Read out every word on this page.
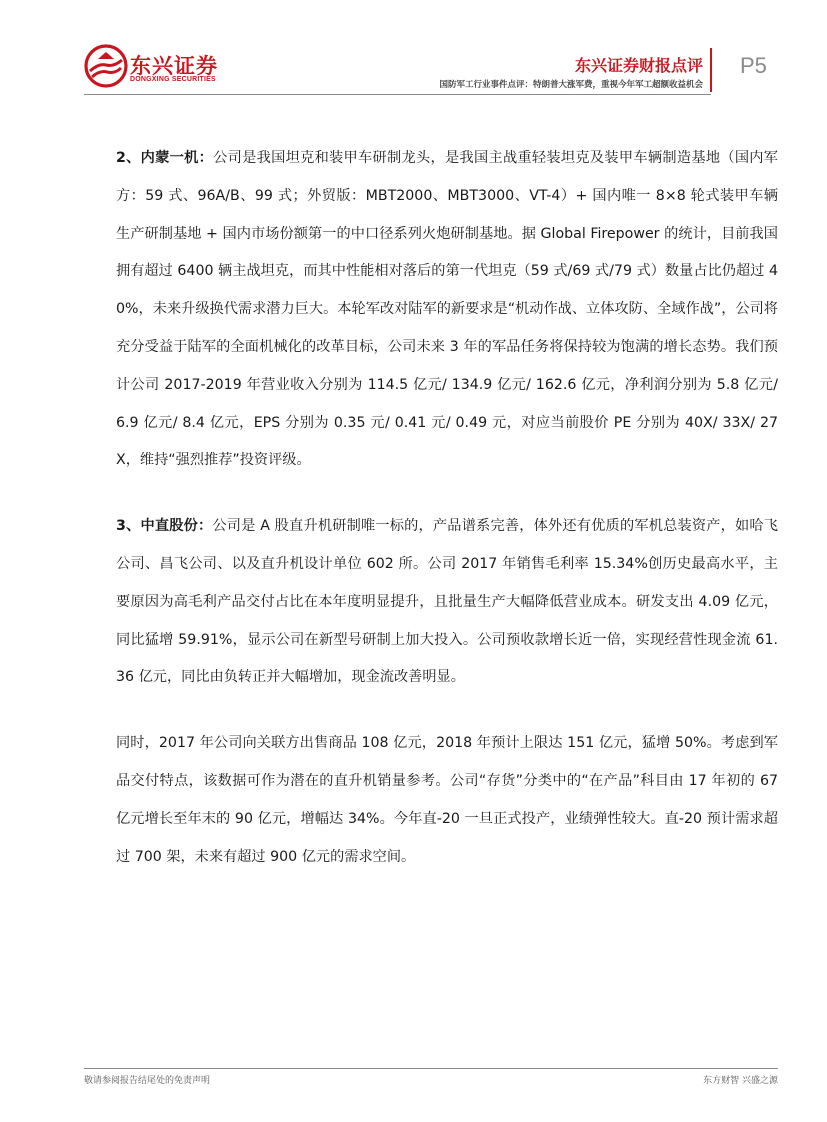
东兴证券
DONGXING SECURITIES
东兴证券财报点评
国防军工行业事件点评：特朗普大涨军费，重视今年军工超额收益机会
P5

2、内蒙一机：公司是我国坦克和装甲车研制龙头，是我国主战重轻装坦克及装甲车辆制造基地（国内军方：59 式、96A/B、99 式；外贸版：MBT2000、MBT3000、VT-4）+ 国内唯一 8×8 轮式装甲车辆生产研制基地 + 国内市场份额第一的中口径系列火炮研制基地。据 Global Firepower 的统计，目前我国拥有超过 6400 辆主战坦克，而其中性能相对落后的第一代坦克（59 式/69 式/79 式）数量占比仍超过 40%，未来升级换代需求潜力巨大。本轮军改对陆军的新要求是“机动作战、立体攻防、全域作战”，公司将充分受益于陆军的全面机械化的改革目标，公司未来 3 年的军品任务将保持较为饱满的增长态势。我们预计公司 2017-2019 年营业收入分别为 114.5 亿元/ 134.9 亿元/ 162.6 亿元，净利润分别为 5.8 亿元/ 6.9 亿元/ 8.4 亿元，EPS 分别为 0.35 元/ 0.41 元/ 0.49 元，对应当前股价 PE 分别为 40X/ 33X/ 27X，维持“强烈推荐”投资评级。

3、中直股份：公司是 A 股直升机研制唯一标的，产品谱系完善，体外还有优质的军机总装资产，如哈飞公司、昌飞公司、以及直升机设计单位 602 所。公司 2017 年销售毛利率 15.34%创历史最高水平，主要原因为高毛利产品交付占比在本年度明显提升，且批量生产大幅降低营业成本。研发支出 4.09 亿元，同比猛增 59.91%，显示公司在新型号研制上加大投入。公司预收款增长近一倍，实现经营性现金流 61.36 亿元，同比由负转正并大幅增加，现金流改善明显。

同时，2017 年公司向关联方出售商品 108 亿元，2018 年预计上限达 151 亿元，猛增 50%。考虑到军品交付特点，该数据可作为潜在的直升机销量参考。公司“存货”分类中的“在产品”科目由 17 年初的 67 亿元增长至年末的 90 亿元，增幅达 34%。今年直-20 一旦正式投产，业绩弹性较大。直-20 预计需求超过 700 架，未来有超过 900 亿元的需求空间。

敬请参阅报告结尾处的免责声明	东方财智 兴盛之源
